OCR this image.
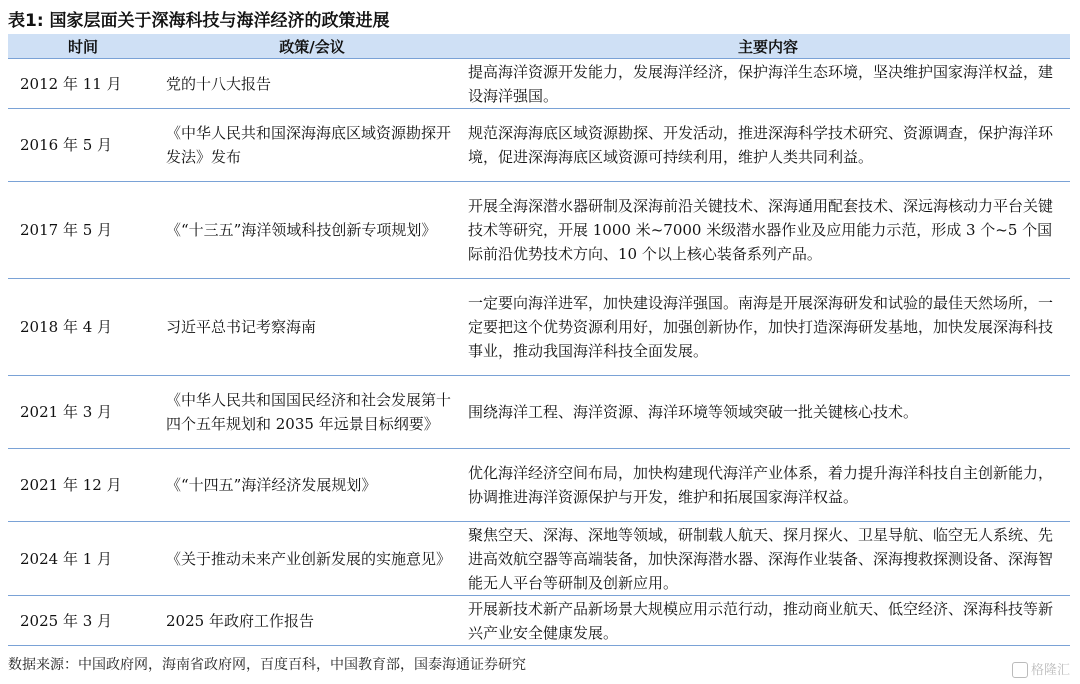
表1: 国家层面关于深海科技与海洋经济的政策进展
时间	政策/会议	主要内容
2012 年 11 月	党的十八大报告	提高海洋资源开发能力，发展海洋经济，保护海洋生态环境，坚决维护国家海洋权益，建设海洋强国。
2016 年 5 月	《中华人民共和国深海海底区域资源勘探开发法》发布	规范深海海底区域资源勘探、开发活动，推进深海科学技术研究、资源调查，保护海洋环境，促进深海海底区域资源可持续利用，维护人类共同利益。
2017 年 5 月	《“十三五”海洋领域科技创新专项规划》	开展全海深潜水器研制及深海前沿关键技术、深海通用配套技术、深远海核动力平台关键技术等研究，开展 1000 米~7000 米级潜水器作业及应用能力示范，形成 3 个~5 个国际前沿优势技术方向、10 个以上核心装备系列产品。
2018 年 4 月	习近平总书记考察海南	一定要向海洋进军，加快建设海洋强国。南海是开展深海研发和试验的最佳天然场所，一定要把这个优势资源利用好，加强创新协作，加快打造深海研发基地，加快发展深海科技事业，推动我国海洋科技全面发展。
2021 年 3 月	《中华人民共和国国民经济和社会发展第十四个五年规划和 2035 年远景目标纲要》	围绕海洋工程、海洋资源、海洋环境等领域突破一批关键核心技术。
2021 年 12 月	《“十四五”海洋经济发展规划》	优化海洋经济空间布局，加快构建现代海洋产业体系，着力提升海洋科技自主创新能力，协调推进海洋资源保护与开发，维护和拓展国家海洋权益。
2024 年 1 月	《关于推动未来产业创新发展的实施意见》	聚焦空天、深海、深地等领域，研制载人航天、探月探火、卫星导航、临空无人系统、先进高效航空器等高端装备，加快深海潜水器、深海作业装备、深海搜救探测设备、深海智能无人平台等研制及创新应用。
2025 年 3 月	2025 年政府工作报告	开展新技术新产品新场景大规模应用示范行动，推动商业航天、低空经济、深海科技等新兴产业安全健康发展。
数据来源：中国政府网，海南省政府网，百度百科，中国教育部，国泰海通证券研究	格隆汇
